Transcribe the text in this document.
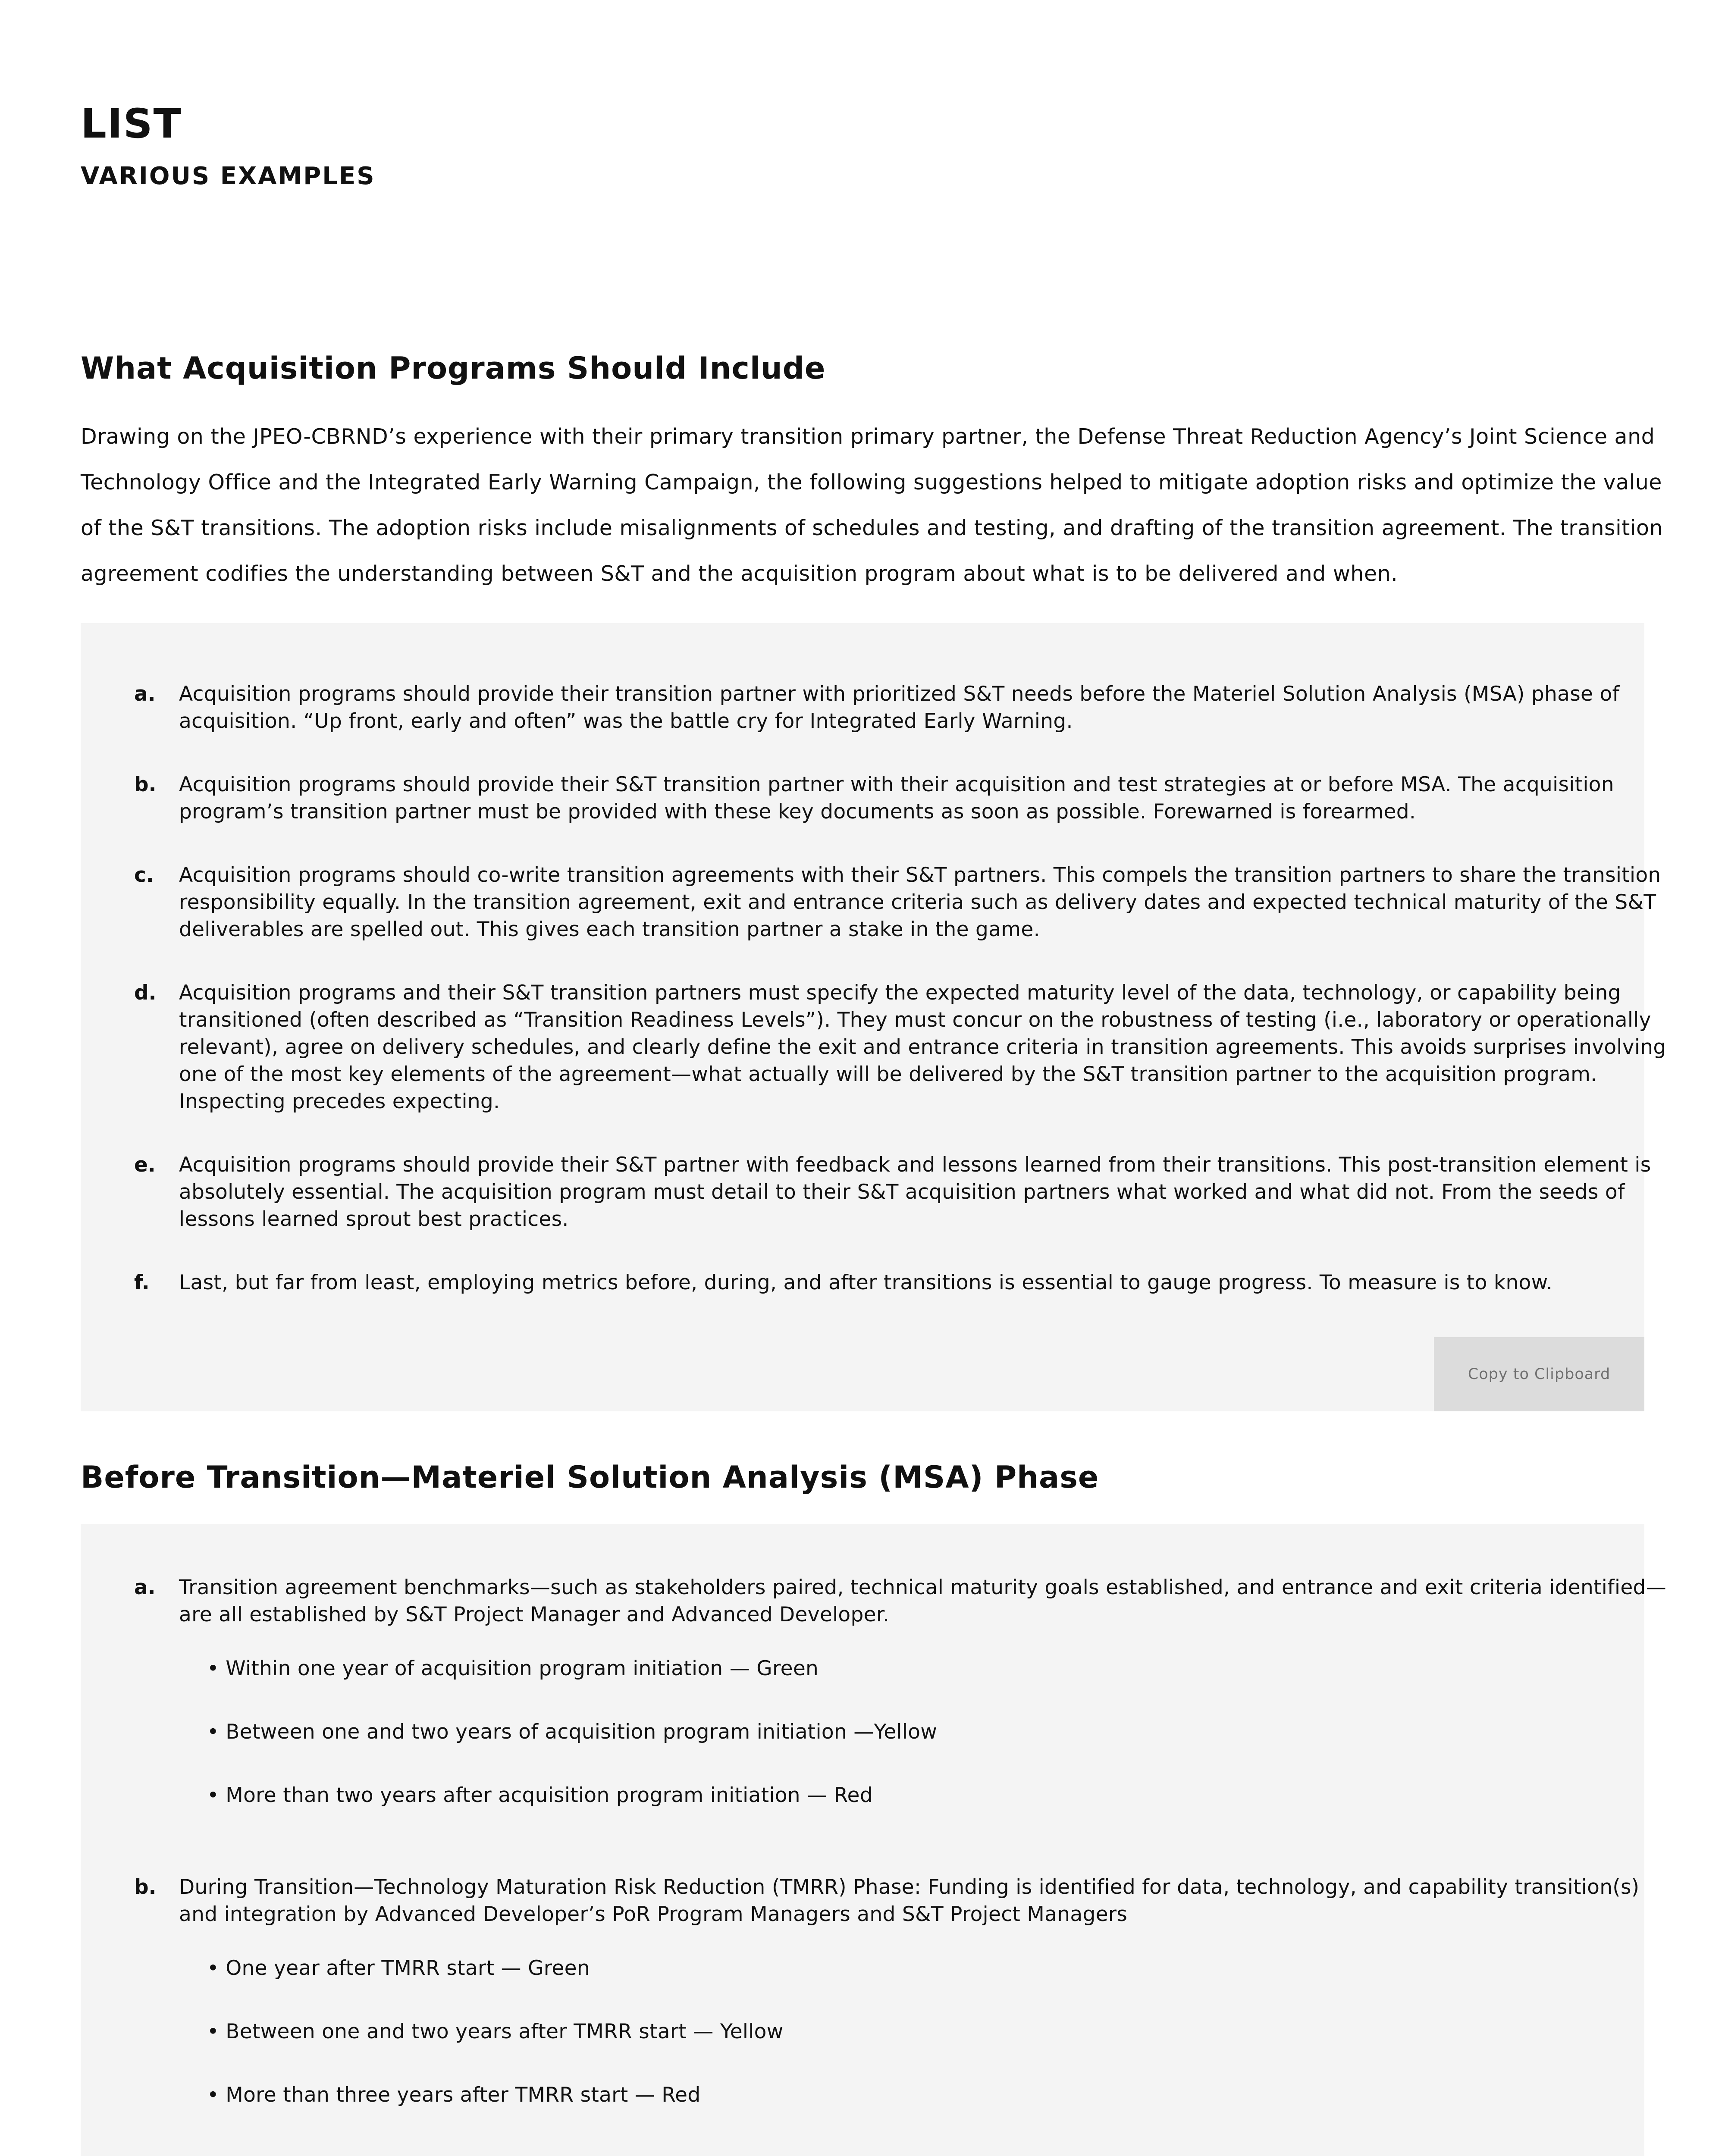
LIST
VARIOUS EXAMPLES
What Acquisition Programs Should Include

Drawing on the JPEO-CBRND’s experience with their primary transition primary partner, the Defense Threat Reduction Agency’s Joint Science and Technology Office and the Integrated Early Warning Campaign, the following suggestions helped to mitigate adoption risks and optimize the value of the S&T transitions. The adoption risks include misalignments of schedules and testing, and drafting of the transition agreement. The transition agreement codifies the understanding between S&T and the acquisition program about what is to be delivered and when.

a. Acquisition programs should provide their transition partner with prioritized S&T needs before the Materiel Solution Analysis (MSA) phase of acquisition. “Up front, early and often” was the battle cry for Integrated Early Warning.

b. Acquisition programs should provide their S&T transition partner with their acquisition and test strategies at or before MSA. The acquisition program’s transition partner must be provided with these key documents as soon as possible. Forewarned is forearmed.

c. Acquisition programs should co-write transition agreements with their S&T partners. This compels the transition partners to share the transition responsibility equally. In the transition agreement, exit and entrance criteria such as delivery dates and expected technical maturity of the S&T deliverables are spelled out. This gives each transition partner a stake in the game.

d. Acquisition programs and their S&T transition partners must specify the expected maturity level of the data, technology, or capability being transitioned (often described as “Transition Readiness Levels”). They must concur on the robustness of testing (i.e., laboratory or operationally relevant), agree on delivery schedules, and clearly define the exit and entrance criteria in transition agreements. This avoids surprises involving one of the most key elements of the agreement—what actually will be delivered by the S&T transition partner to the acquisition program. Inspecting precedes expecting.

e. Acquisition programs should provide their S&T partner with feedback and lessons learned from their transitions. This post-transition element is absolutely essential. The acquisition program must detail to their S&T acquisition partners what worked and what did not. From the seeds of lessons learned sprout best practices.

f. Last, but far from least, employing metrics before, during, and after transitions is essential to gauge progress. To measure is to know.

Copy to Clipboard
Before Transition—Materiel Solution Analysis (MSA) Phase
a. Transition agreement benchmarks—such as stakeholders paired, technical maturity goals established, and entrance and exit criteria identified—are all established by S&T Project Manager and Advanced Developer.

• Within one year of acquisition program initiation — Green

• Between one and two years of acquisition program initiation —Yellow

• More than two years after acquisition program initiation — Red

b. During Transition—Technology Maturation Risk Reduction (TMRR) Phase: Funding is identified for data, technology, and capability transition(s) and integration by Advanced Developer’s PoR Program Managers and S&T Project Managers

• One year after TMRR start — Green

• Between one and two years after TMRR start — Yellow

• More than three years after TMRR start — Red
